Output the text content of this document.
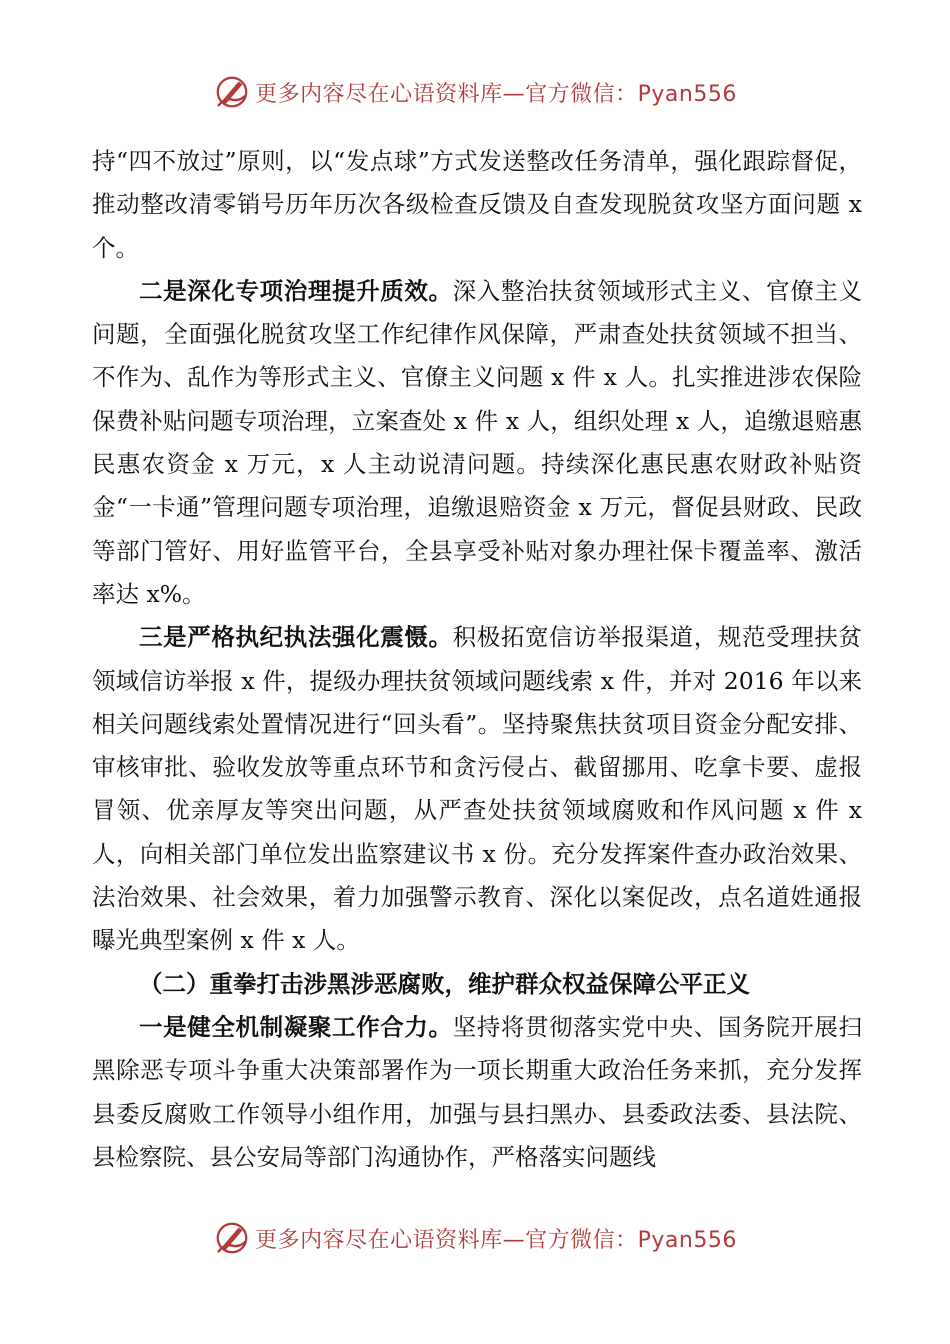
更多内容尽在心语资料库—官方微信：Pyan556

持“四不放过”原则，以“发点球”方式发送整改任务清单，强化跟踪督促，推动整改清零销号历年历次各级检查反馈及自查发现脱贫攻坚方面问题 x 个。

二是深化专项治理提升质效。深入整治扶贫领域形式主义、官僚主义问题，全面强化脱贫攻坚工作纪律作风保障，严肃查处扶贫领域不担当、不作为、乱作为等形式主义、官僚主义问题 x 件 x 人。扎实推进涉农保险保费补贴问题专项治理，立案查处 x 件 x 人，组织处理 x 人，追缴退赔惠民惠农资金 x 万元，x 人主动说清问题。持续深化惠民惠农财政补贴资金“一卡通”管理问题专项治理，追缴退赔资金 x 万元，督促县财政、民政等部门管好、用好监管平台，全县享受补贴对象办理社保卡覆盖率、激活率达 x%。

三是严格执纪执法强化震慑。积极拓宽信访举报渠道，规范受理扶贫领域信访举报 x 件，提级办理扶贫领域问题线索 x 件，并对 2016 年以来相关问题线索处置情况进行“回头看”。坚持聚焦扶贫项目资金分配安排、审核审批、验收发放等重点环节和贪污侵占、截留挪用、吃拿卡要、虚报冒领、优亲厚友等突出问题，从严查处扶贫领域腐败和作风问题 x 件 x 人，向相关部门单位发出监察建议书 x 份。充分发挥案件查办政治效果、法治效果、社会效果，着力加强警示教育、深化以案促改，点名道姓通报曝光典型案例 x 件 x 人。

（二）重拳打击涉黑涉恶腐败，维护群众权益保障公平正义

一是健全机制凝聚工作合力。坚持将贯彻落实党中央、国务院开展扫黑除恶专项斗争重大决策部署作为一项长期重大政治任务来抓，充分发挥县委反腐败工作领导小组作用，加强与县扫黑办、县委政法委、县法院、县检察院、县公安局等部门沟通协作，严格落实问题线

更多内容尽在心语资料库—官方微信：Pyan556
